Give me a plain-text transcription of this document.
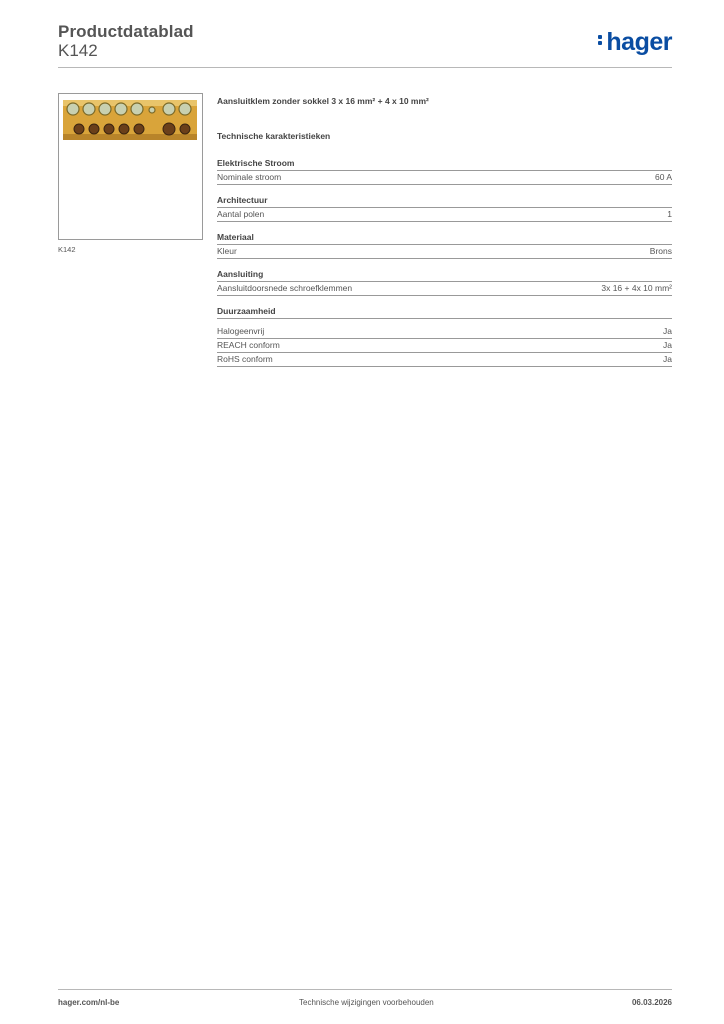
Productdatablad
K142	hager
K142
Aansluitklem zonder sokkel 3 x 16 mm² + 4 x 10 mm²
Technische karakteristieken
Elektrische Stroom
Nominale stroom	60 A
Architectuur
Aantal polen	1
Materiaal
Kleur	Brons
Aansluiting
Aansluitdoorsnede schroefklemmen	3x 16 + 4x 10 mm²
Duurzaamheid
Halogeenvrij	Ja
REACH conform	Ja
RoHS conform	Ja
hager.com/nl-be	Technische wijzigingen voorbehouden	06.03.2026
